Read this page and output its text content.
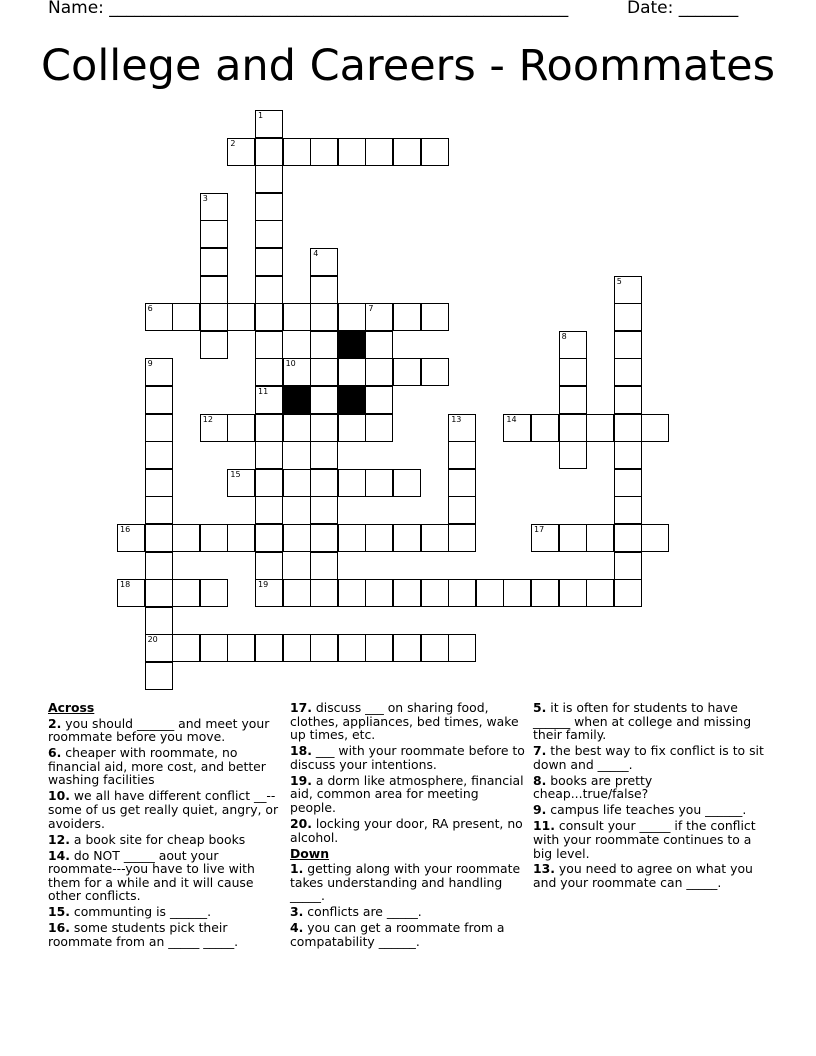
Name: ______________________________________________________	Date: _______
College and Careers - Roommates
1
11
19
2
3
4
5
6	7
8
9
20
10
12	13	14
15
16	17
18
Across
2. you should ______ and meet your roommate before you move.
6. cheaper with roommate, no financial aid, more cost, and better washing facilities
10. we all have different conflict __--some of us get really quiet, angry, or avoiders.
12. a book site for cheap books
14. do NOT _____ aout your roommate---you have to live with them for a while and it will cause other conflicts.
15. communting is ______.
16. some students pick their roommate from an _____ _____.
17. discuss ___ on sharing food, clothes, appliances, bed times, wake up times, etc.
18. ___ with your roommate before to discuss your intentions.
19. a dorm like atmosphere, financial aid, common area for meeting people.
20. locking your door, RA present, no alcohol.
Down
1. getting along with your roommate takes understanding and handling _____.
3. conflicts are _____.
4. you can get a roommate from a compatability ______.
5. it is often for students to have ______ when at college and missing their family.
7. the best way to fix conflict is to sit down and _____.
8. books are pretty cheap...true/false?
9. campus life teaches you ______.
11. consult your _____ if the conflict with your roommate continues to a big level.
13. you need to agree on what you and your roommate can _____.
